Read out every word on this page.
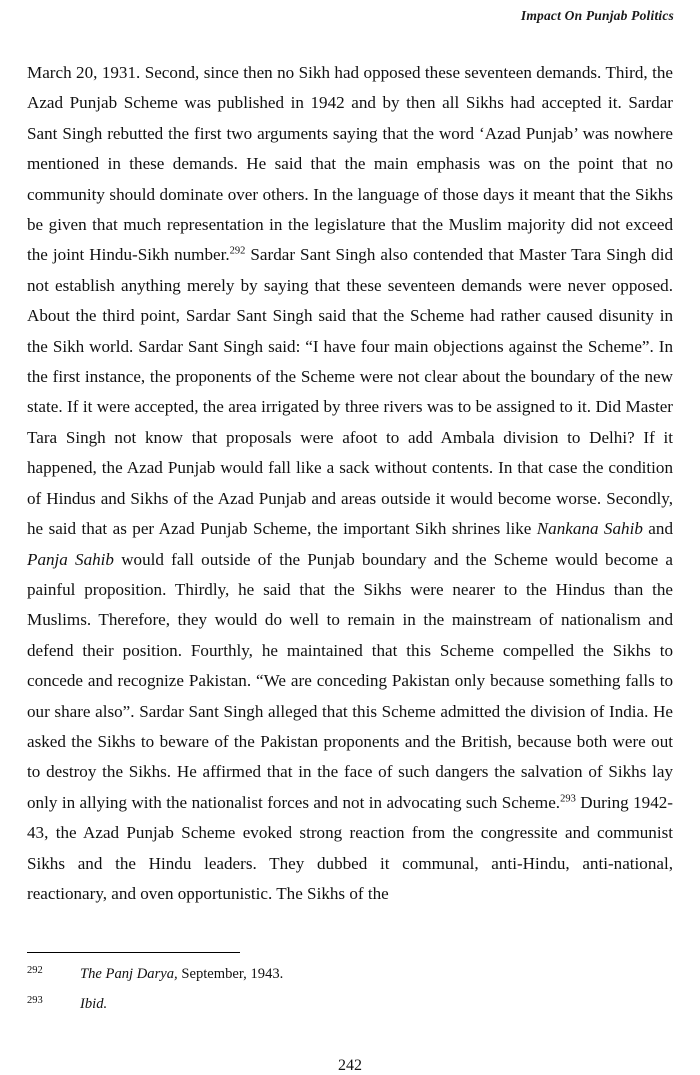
Impact On Punjab Politics

March 20, 1931. Second, since then no Sikh had opposed these seventeen demands. Third, the Azad Punjab Scheme was published in 1942 and by then all Sikhs had accepted it. Sardar Sant Singh rebutted the first two arguments saying that the word ‘Azad Punjab’ was nowhere mentioned in these demands. He said that the main emphasis was on the point that no community should dominate over others. In the language of those days it meant that the Sikhs be given that much representation in the legislature that the Muslim majority did not exceed the joint Hindu-Sikh number.$^{292}$ Sardar Sant Singh also contended that Master Tara Singh did not establish anything merely by saying that these seventeen demands were never opposed. About the third point, Sardar Sant Singh said that the Scheme had rather caused disunity in the Sikh world. Sardar Sant Singh said: “I have four main objections against the Scheme”. In the first instance, the proponents of the Scheme were not clear about the boundary of the new state. If it were accepted, the area irrigated by three rivers was to be assigned to it. Did Master Tara Singh not know that proposals were afoot to add Ambala division to Delhi? If it happened, the Azad Punjab would fall like a sack without contents. In that case the condition of Hindus and Sikhs of the Azad Punjab and areas outside it would become worse. Secondly, he said that as per Azad Punjab Scheme, the important Sikh shrines like Nankana Sahib and Panja Sahib would fall outside of the Punjab boundary and the Scheme would become a painful proposition. Thirdly, he said that the Sikhs were nearer to the Hindus than the Muslims. Therefore, they would do well to remain in the mainstream of nationalism and defend their position. Fourthly, he maintained that this Scheme compelled the Sikhs to concede and recognize Pakistan. “We are conceding Pakistan only because something falls to our share also”. Sardar Sant Singh alleged that this Scheme admitted the division of India. He asked the Sikhs to beware of the Pakistan proponents and the British, because both were out to destroy the Sikhs. He affirmed that in the face of such dangers the salvation of Sikhs lay only in allying with the nationalist forces and not in advocating such Scheme.$^{293}$ During 1942-43, the Azad Punjab Scheme evoked strong reaction from the congressite and communist Sikhs and the Hindu leaders. They dubbed it communal, anti-Hindu, anti-national, reactionary, and oven opportunistic. The Sikhs of the

292	The Panj Darya, September, 1943.
293	Ibid.
242
